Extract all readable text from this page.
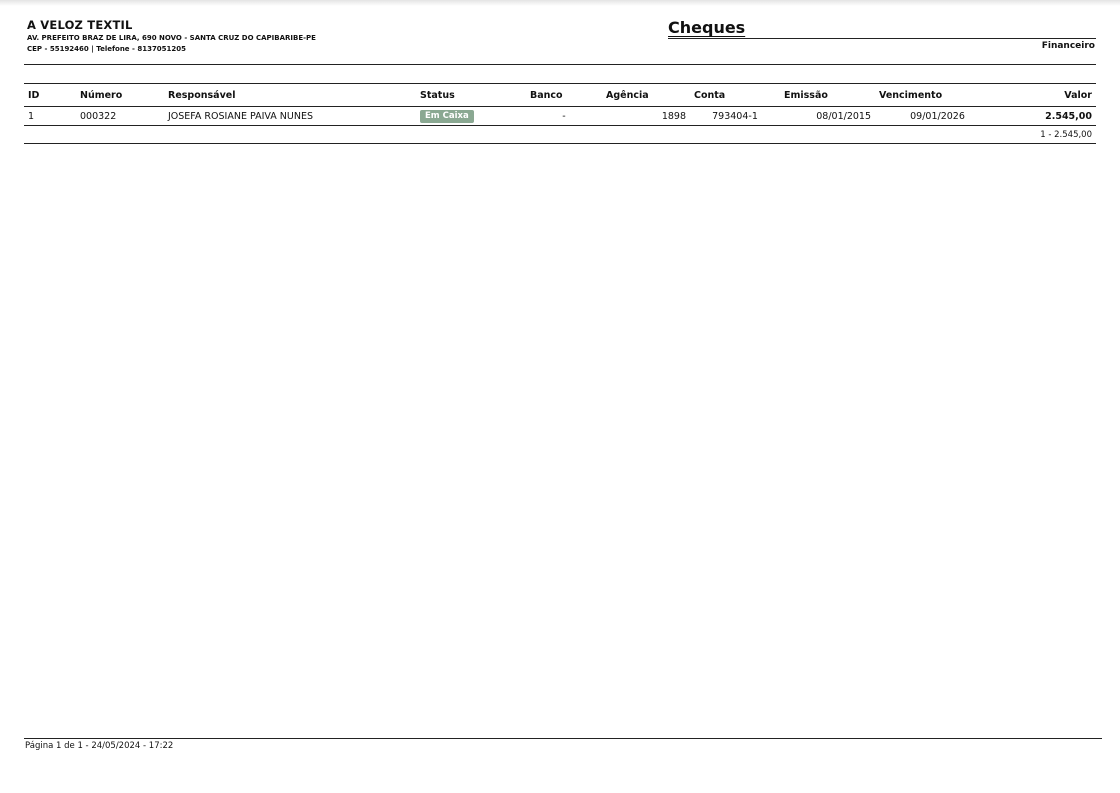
A VELOZ TEXTIL
AV. PREFEITO BRAZ DE LIRA, 690 NOVO - SANTA CRUZ DO CAPIBARIBE-PE
CEP - 55192460 | Telefone - 8137051205
Cheques
Financeiro
ID	Número	Responsável	Status	Banco	Agência	Conta	Emissão	Vencimento	Valor
1	000322	JOSEFA ROSIANE PAIVA NUNES	Em Caixa	-	1898	793404-1	08/01/2015	09/01/2026	2.545,00
1 - 2.545,00									
Página 1 de 1 - 24/05/2024 - 17:22
